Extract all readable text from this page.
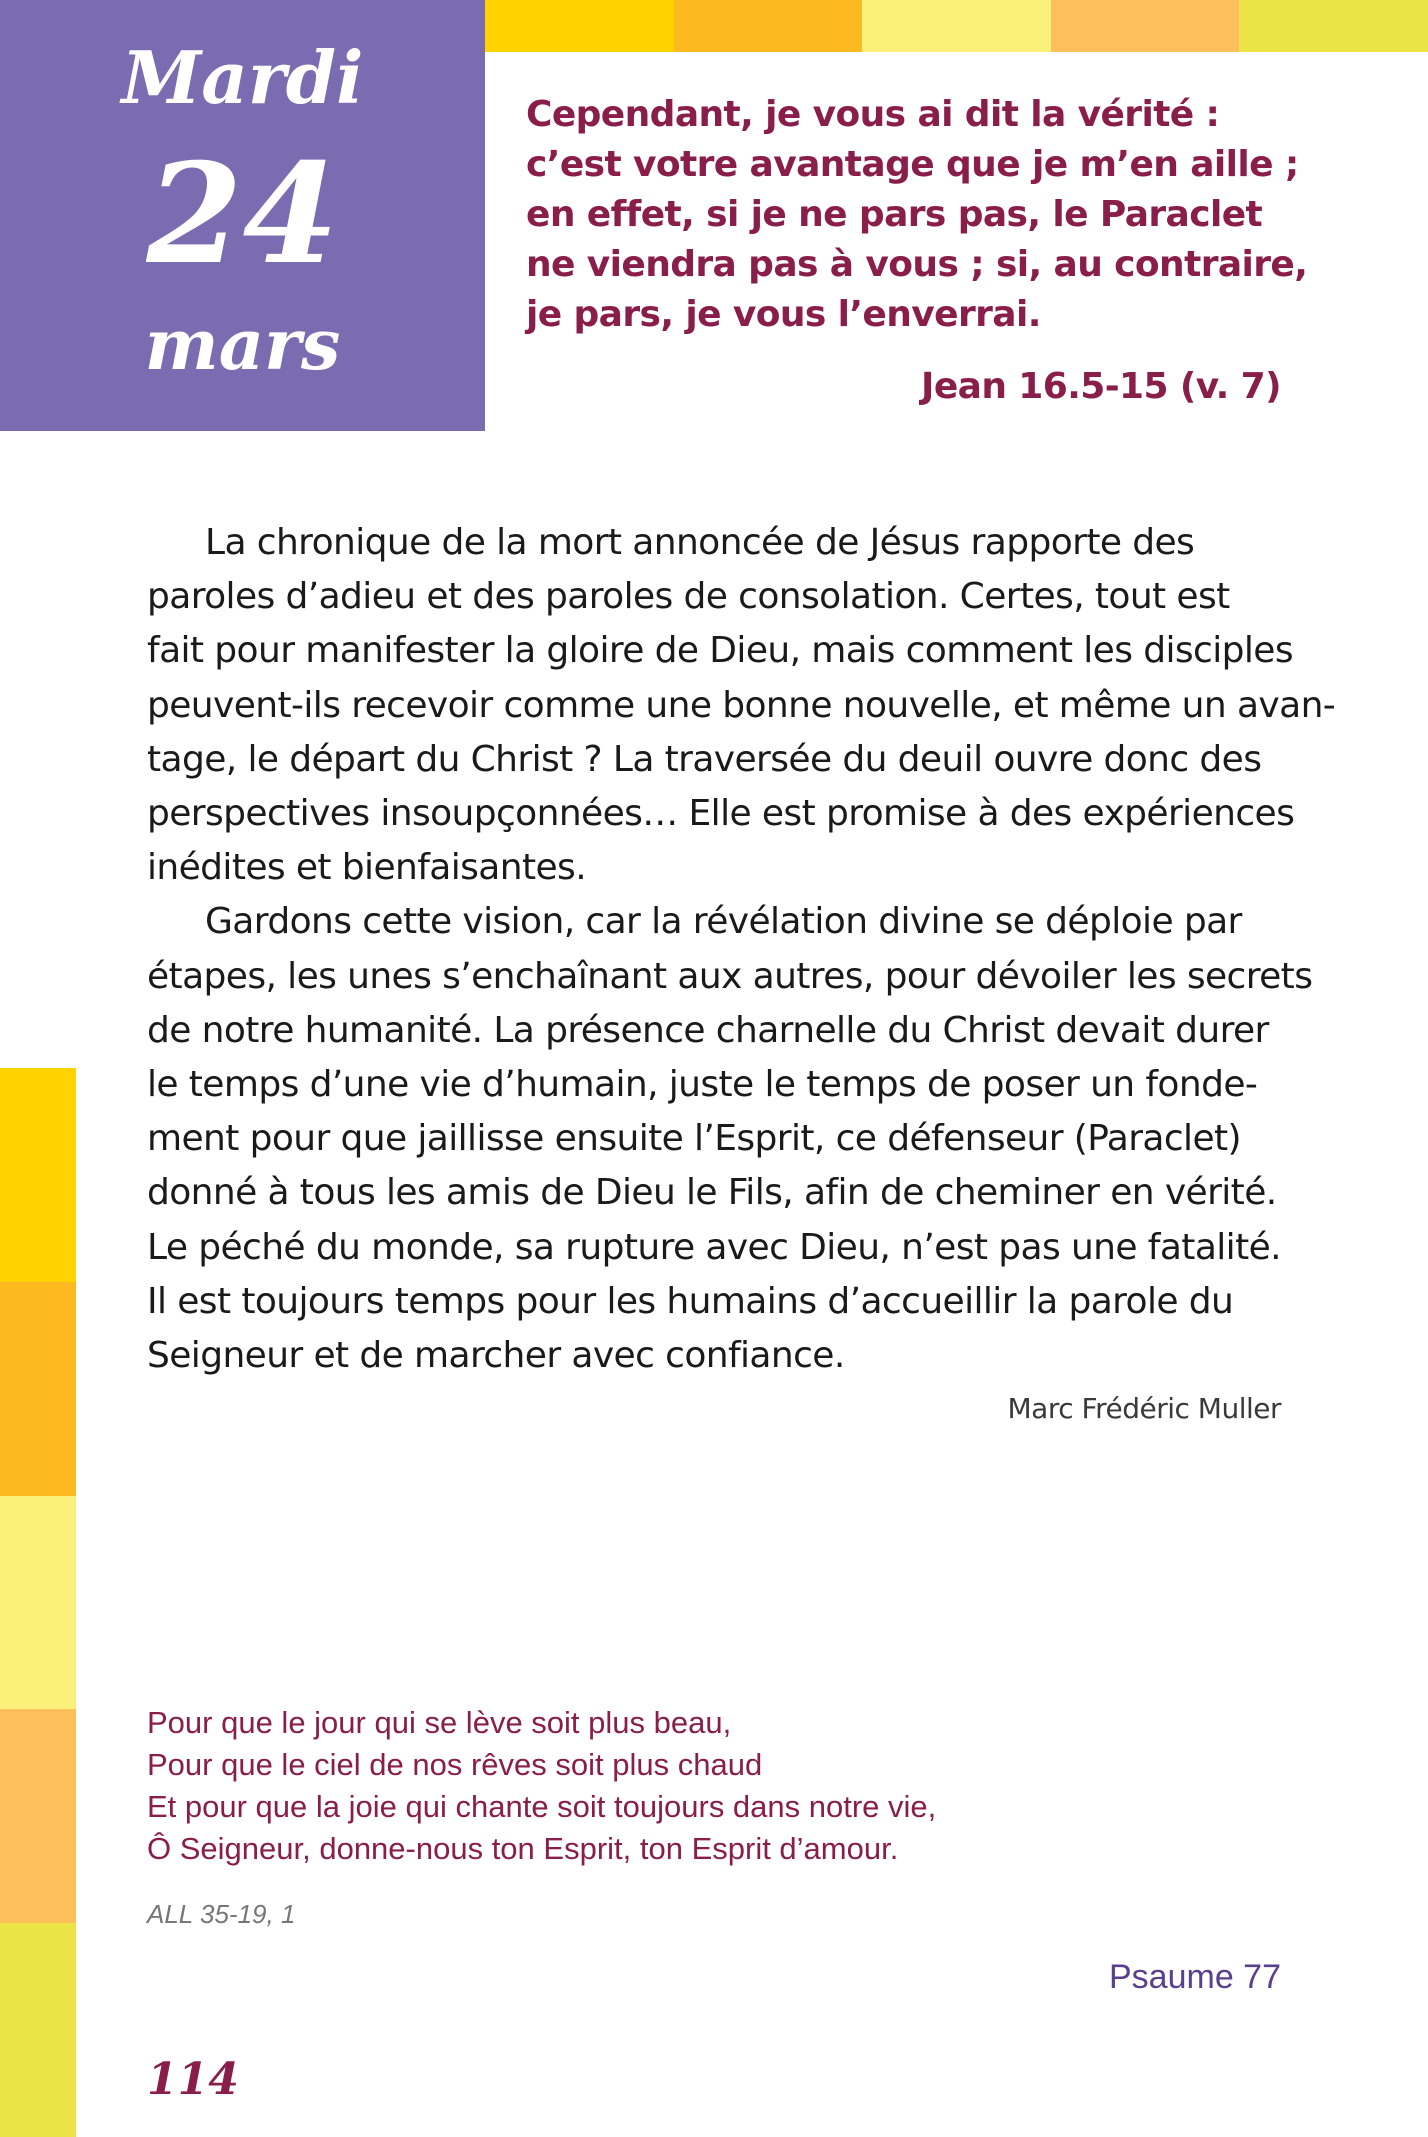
Mardi
24
mars
Cependant, je vous ai dit la vérité :
c’est votre avantage que je m’en aille ;
en effet, si je ne pars pas, le Paraclet
ne viendra pas à vous ; si, au contraire,
je pars, je vous l’enverrai.
Jean 16.5-15 (v. 7)
La chronique de la mort annoncée de Jésus rapporte des
paroles d’adieu et des paroles de consolation. Certes, tout est
fait pour manifester la gloire de Dieu, mais comment les disciples
peuvent-ils recevoir comme une bonne nouvelle, et même un avan-
tage, le départ du Christ ? La traversée du deuil ouvre donc des
perspectives insoupçonnées… Elle est promise à des expériences
inédites et bienfaisantes.
Gardons cette vision, car la révélation divine se déploie par
étapes, les unes s’enchaînant aux autres, pour dévoiler les secrets
de notre humanité. La présence charnelle du Christ devait durer
le temps d’une vie d’humain, juste le temps de poser un fonde-
ment pour que jaillisse ensuite l’Esprit, ce défenseur (Paraclet)
donné à tous les amis de Dieu le Fils, afin de cheminer en vérité.
Le péché du monde, sa rupture avec Dieu, n’est pas une fatalité.
Il est toujours temps pour les humains d’accueillir la parole du
Seigneur et de marcher avec confiance.
Marc Frédéric Muller
Pour que le jour qui se lève soit plus beau,
Pour que le ciel de nos rêves soit plus chaud
Et pour que la joie qui chante soit toujours dans notre vie,
Ô Seigneur, donne-nous ton Esprit, ton Esprit d’amour.
ALL 35-19, 1
Psaume 77
114
